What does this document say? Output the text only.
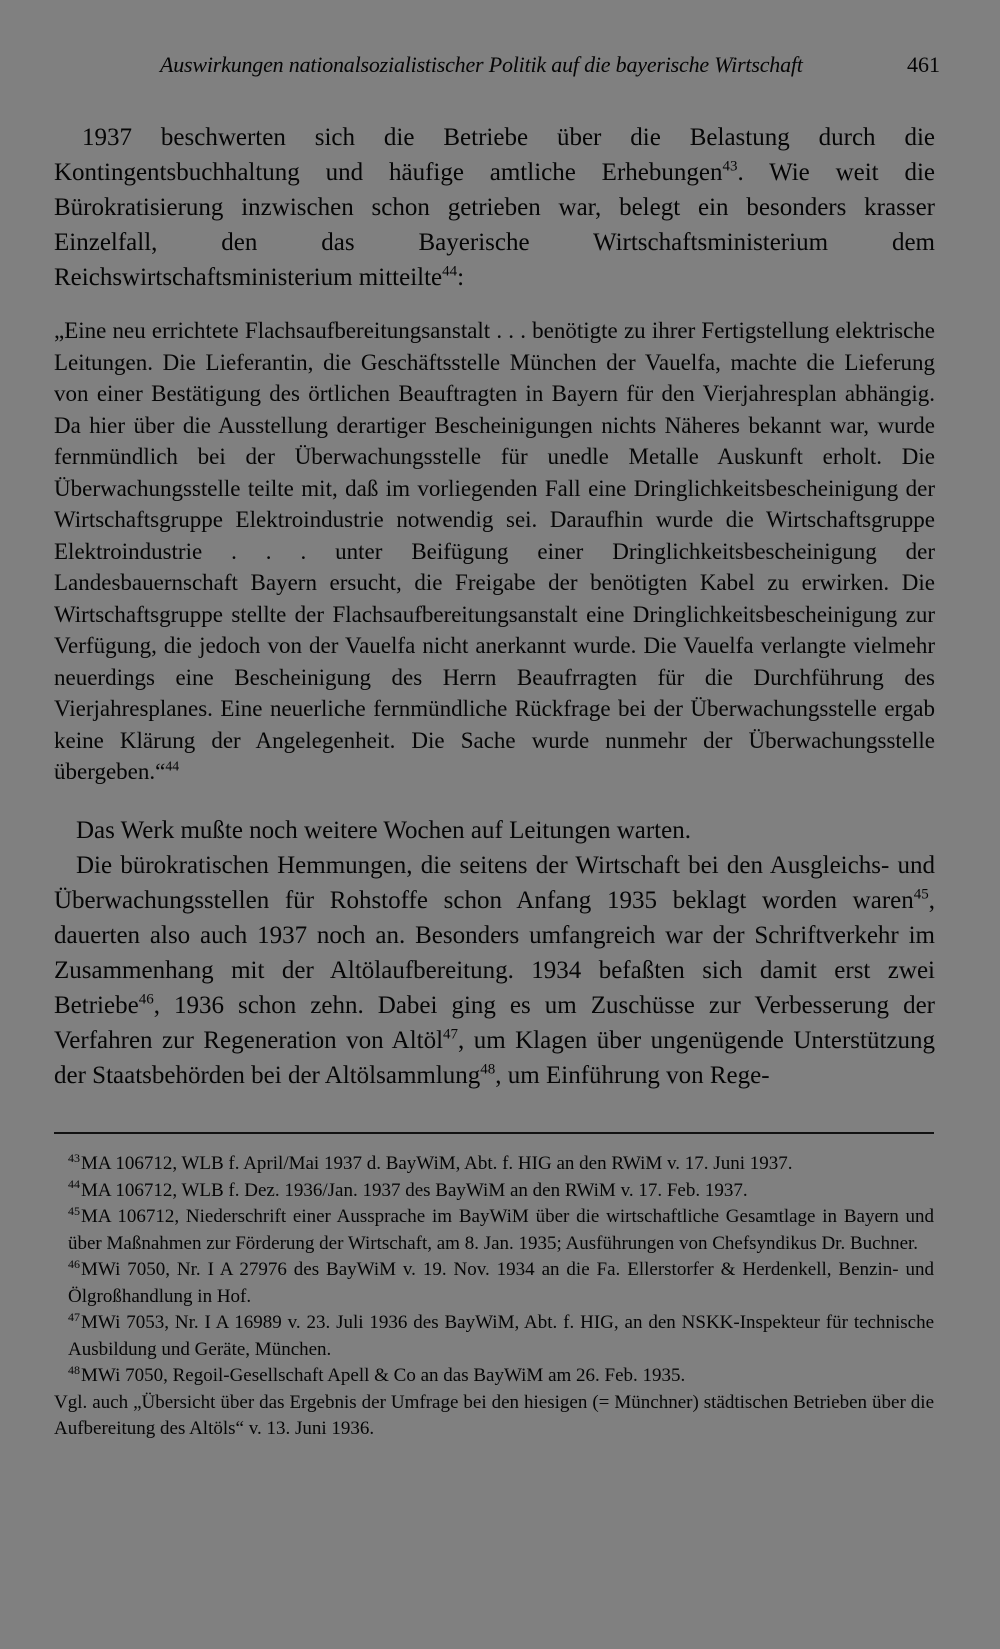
Auswirkungen nationalsozialistischer Politik auf die bayerische Wirtschaft	461

1937 beschwerten sich die Betriebe über die Belastung durch die Kontingentsbuchhaltung und häufige amtliche Erhebungen$^{43}$. Wie weit die Bürokratisierung inzwischen schon getrieben war, belegt ein besonders krasser Einzelfall, den das Bayerische Wirtschaftsministerium dem Reichswirtschaftsministerium mitteilte$^{44}$:

„Eine neu errichtete Flachsaufbereitungsanstalt . . . benötigte zu ihrer Fertigstellung elektrische Leitungen. Die Lieferantin, die Geschäftsstelle München der Vauelfa, machte die Lieferung von einer Bestätigung des örtlichen Beauftragten in Bayern für den Vierjahresplan abhängig. Da hier über die Ausstellung derartiger Bescheinigungen nichts Näheres bekannt war, wurde fernmündlich bei der Überwachungsstelle für unedle Metalle Auskunft erholt. Die Überwachungsstelle teilte mit, daß im vorliegenden Fall eine Dringlichkeitsbescheinigung der Wirtschaftsgruppe Elektroindustrie notwendig sei. Daraufhin wurde die Wirtschaftsgruppe Elektroindustrie . . . unter Beifügung einer Dringlichkeitsbescheinigung der Landesbauernschaft Bayern ersucht, die Freigabe der benötigten Kabel zu erwirken. Die Wirtschaftsgruppe stellte der Flachsaufbereitungsanstalt eine Dringlichkeitsbescheinigung zur Verfügung, die jedoch von der Vauelfa nicht anerkannt wurde. Die Vauelfa verlangte vielmehr neuerdings eine Bescheinigung des Herrn Beaufrragten für die Durchführung des Vierjahresplanes. Eine neuerliche fernmündliche Rückfrage bei der Überwachungsstelle ergab keine Klärung der Angelegenheit. Die Sache wurde nunmehr der Überwachungsstelle übergeben.“$^{44}$

Das Werk mußte noch weitere Wochen auf Leitungen warten.

Die bürokratischen Hemmungen, die seitens der Wirtschaft bei den Ausgleichs- und Überwachungsstellen für Rohstoffe schon Anfang 1935 beklagt worden waren$^{45}$, dauerten also auch 1937 noch an. Besonders umfangreich war der Schriftverkehr im Zusammenhang mit der Altölaufbereitung. 1934 befaßten sich damit erst zwei Betriebe$^{46}$, 1936 schon zehn. Dabei ging es um Zuschüsse zur Verbesserung der Verfahren zur Regeneration von Altöl$^{47}$, um Klagen über ungenügende Unterstützung der Staatsbehörden bei der Altölsammlung$^{48}$, um Einführung von Rege-

$^{43}$MA 106712, WLB f. April/Mai 1937 d. BayWiM, Abt. f. HIG an den RWiM v. 17. Juni 1937.

$^{44}$MA 106712, WLB f. Dez. 1936/Jan. 1937 des BayWiM an den RWiM v. 17. Feb. 1937.

$^{45}$MA 106712, Niederschrift einer Aussprache im BayWiM über die wirtschaftliche Gesamtlage in Bayern und über Maßnahmen zur Förderung der Wirtschaft, am 8. Jan. 1935; Ausführungen von Chefsyndikus Dr. Buchner.

$^{46}$MWi 7050, Nr. I A 27976 des BayWiM v. 19. Nov. 1934 an die Fa. Ellerstorfer & Herdenkell, Benzin- und Ölgroßhandlung in Hof.

$^{47}$MWi 7053, Nr. I A 16989 v. 23. Juli 1936 des BayWiM, Abt. f. HIG, an den NSKK-Inspekteur für technische Ausbildung und Geräte, München.

$^{48}$MWi 7050, Regoil-Gesellschaft Apell & Co an das BayWiM am 26. Feb. 1935.

Vgl. auch „Übersicht über das Ergebnis der Umfrage bei den hiesigen (= Münchner) städtischen Betrieben über die Aufbereitung des Altöls“ v. 13. Juni 1936.
